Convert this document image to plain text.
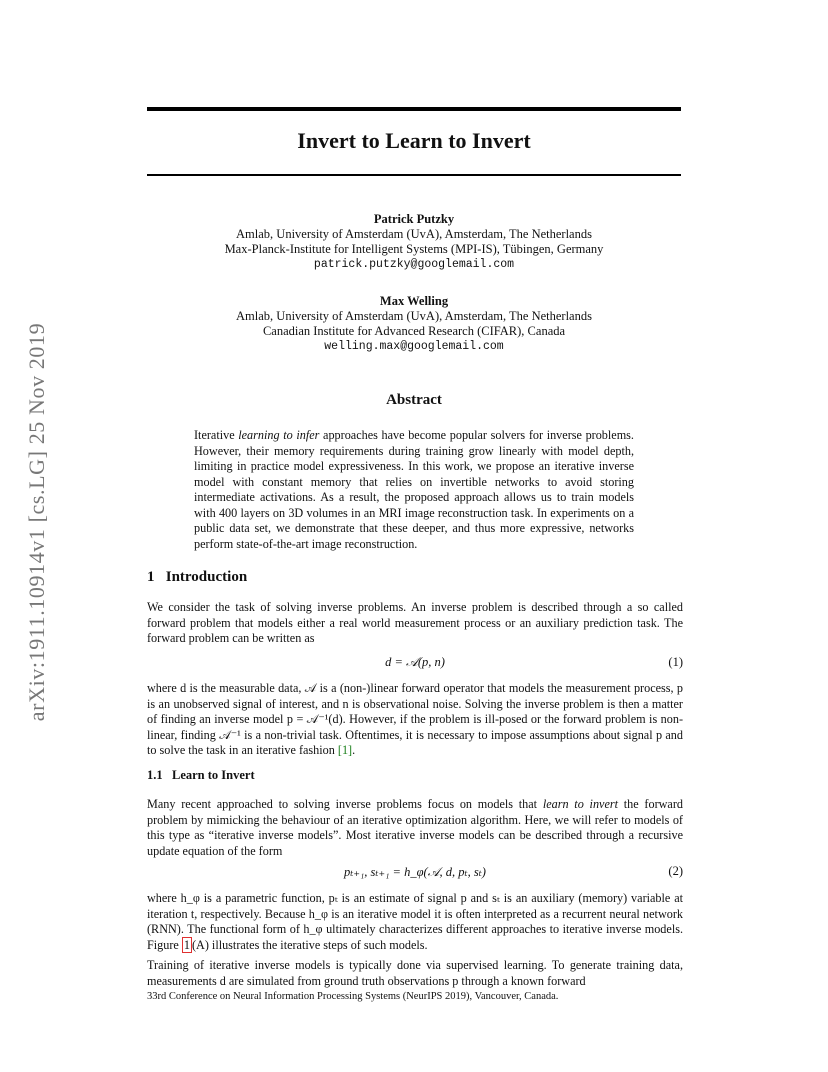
arXiv:1911.10914v1 [cs.LG] 25 Nov 2019
Invert to Learn to Invert
Patrick Putzky
Amlab, University of Amsterdam (UvA), Amsterdam, The Netherlands
Max-Planck-Institute for Intelligent Systems (MPI-IS), Tübingen, Germany
patrick.putzky@googlemail.com
Max Welling
Amlab, University of Amsterdam (UvA), Amsterdam, The Netherlands
Canadian Institute for Advanced Research (CIFAR), Canada
welling.max@googlemail.com
Abstract
Iterative learning to infer approaches have become popular solvers for inverse problems. However, their memory requirements during training grow linearly with model depth, limiting in practice model expressiveness. In this work, we propose an iterative inverse model with constant memory that relies on invertible networks to avoid storing intermediate activations. As a result, the proposed approach allows us to train models with 400 layers on 3D volumes in an MRI image reconstruction task. In experiments on a public data set, we demonstrate that these deeper, and thus more expressive, networks perform state-of-the-art image reconstruction.
1 Introduction
We consider the task of solving inverse problems. An inverse problem is described through a so called forward problem that models either a real world measurement process or an auxiliary prediction task. The forward problem can be written as
d = 𝒜(p, n)	(1)
where d is the measurable data, 𝒜 is a (non-)linear forward operator that models the measurement process, p is an unobserved signal of interest, and n is observational noise. Solving the inverse problem is then a matter of finding an inverse model p = 𝒜⁻¹(d). However, if the problem is ill-posed or the forward problem is non-linear, finding 𝒜⁻¹ is a non-trivial task. Oftentimes, it is necessary to impose assumptions about signal p and to solve the task in an iterative fashion [1].
1.1 Learn to Invert
Many recent approached to solving inverse problems focus on models that learn to invert the forward problem by mimicking the behaviour of an iterative optimization algorithm. Here, we will refer to models of this type as “iterative inverse models”. Most iterative inverse models can be described through a recursive update equation of the form
pₜ₊₁, sₜ₊₁ = h_φ(𝒜, d, pₜ, sₜ)	(2)
where h_φ is a parametric function, pₜ is an estimate of signal p and sₜ is an auxiliary (memory) variable at iteration t, respectively. Because h_φ is an iterative model it is often interpreted as a recurrent neural network (RNN). The functional form of h_φ ultimately characterizes different approaches to iterative inverse models. Figure 1 (A) illustrates the iterative steps of such models.
Training of iterative inverse models is typically done via supervised learning. To generate training data, measurements d are simulated from ground truth observations p through a known forward
33rd Conference on Neural Information Processing Systems (NeurIPS 2019), Vancouver, Canada.
